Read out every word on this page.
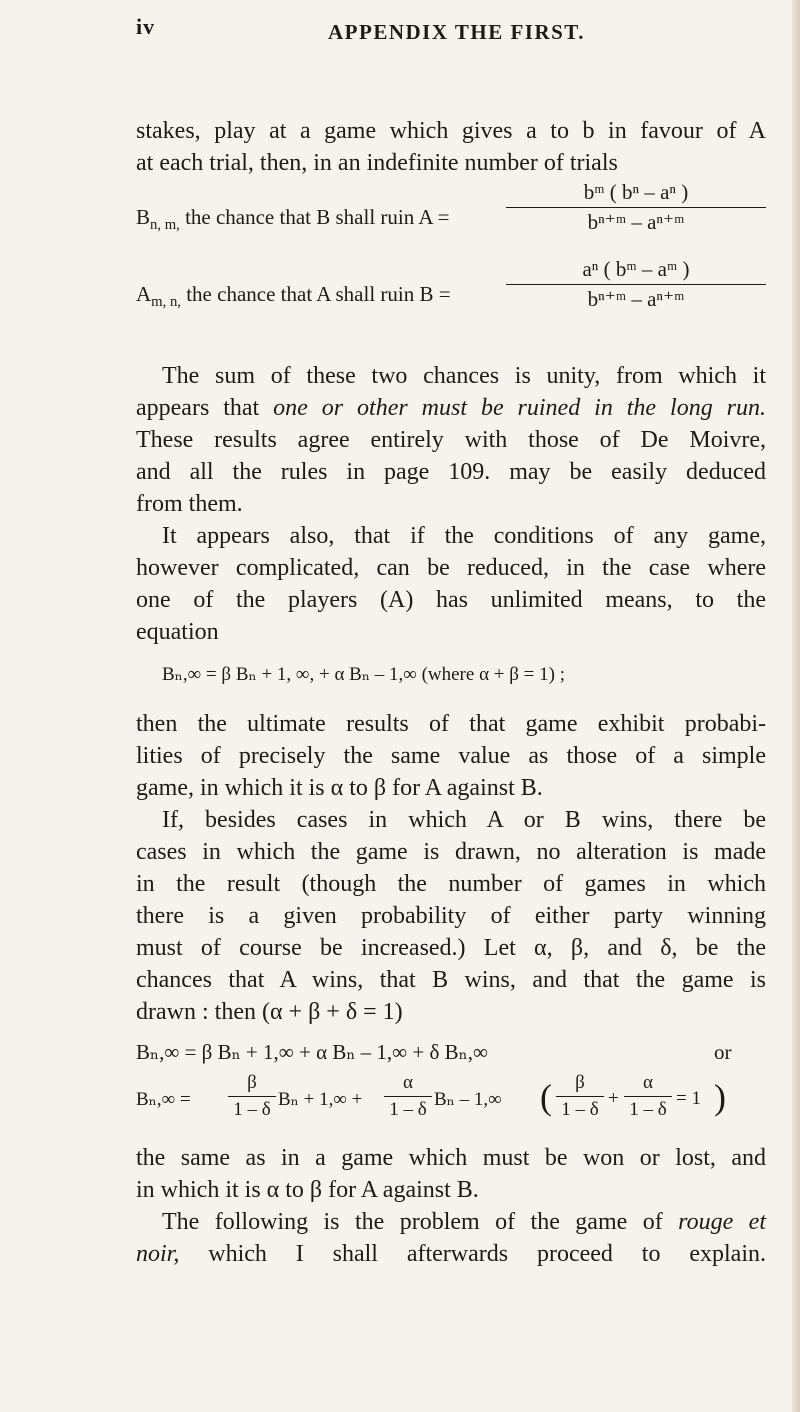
iv	APPENDIX THE FIRST.
stakes, play at a game which gives a to b in favour of A
at each trial, then, in an indefinite number of trials
$B_{n, m,}$ the chance that B shall ruin A =
bᵐ ( bⁿ – aⁿ )
bⁿ⁺ᵐ – aⁿ⁺ᵐ
$A_{m, n,}$ the chance that A shall ruin B =
aⁿ ( bᵐ – aᵐ )
bⁿ⁺ᵐ – aⁿ⁺ᵐ
The sum of these two chances is unity, from which it
appears that one or other must be ruined in the long run.
These results agree entirely with those of De Moivre,
and all the rules in page 109. may be easily deduced
from them.
It appears also, that if the conditions of any game,
however complicated, can be reduced, in the case where
one of the players (A) has unlimited means, to the
equation
Bₙ,∞ = β Bₙ + 1, ∞, + α Bₙ – 1,∞ (where α + β = 1) ;
then the ultimate results of that game exhibit probabi-
lities of precisely the same value as those of a simple
game, in which it is α to β for A against B.
If, besides cases in which A or B wins, there be
cases in which the game is drawn, no alteration is made
in the result (though the number of games in which
there is a given probability of either party winning
must of course be increased.) Let α, β, and δ, be the
chances that A wins, that B wins, and that the game is
drawn : then (α + β + δ = 1)
Bₙ,∞ = β Bₙ + 1,∞ + α Bₙ – 1,∞ + δ Bₙ,∞	or
Bₙ,∞ =
β
1 – δ Bₙ + 1,∞ +
α
1 – δ Bₙ – 1,∞ (	β
1 – δ
+
α
1 – δ
= 1 )
the same as in a game which must be won or lost, and
in which it is α to β for A against B.
The following is the problem of the game of rouge et
noir, which I shall afterwards proceed to explain.
